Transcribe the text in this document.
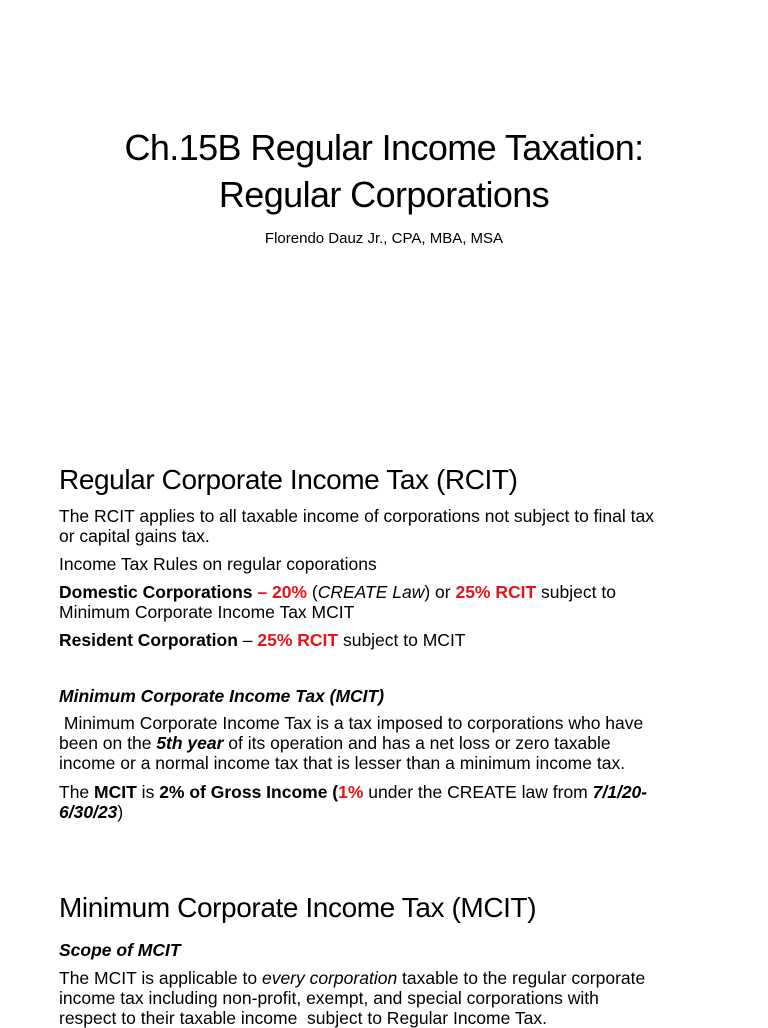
Ch.15B Regular Income Taxation:
Regular Corporations
Florendo Dauz Jr., CPA, MBA, MSA
Regular Corporate Income Tax (RCIT)

The RCIT applies to all taxable income of corporations not subject to final tax
or capital gains tax.

Income Tax Rules on regular coporations

Domestic Corporations – 20% (CREATE Law) or 25% RCIT subject to
Minimum Corporate Income Tax MCIT

Resident Corporation – 25% RCIT subject to MCIT

Minimum Corporate Income Tax (MCIT)

Minimum Corporate Income Tax is a tax imposed to corporations who have
been on the 5th year of its operation and has a net loss or zero taxable
income or a normal income tax that is lesser than a minimum income tax.

The MCIT is 2% of Gross Income (1% under the CREATE law from 7/1/20-
6/30/23)

Minimum Corporate Income Tax (MCIT)

Scope of MCIT

The MCIT is applicable to every corporation taxable to the regular corporate
income tax including non-profit, exempt, and special corporations with
respect to their taxable income  subject to Regular Income Tax.
